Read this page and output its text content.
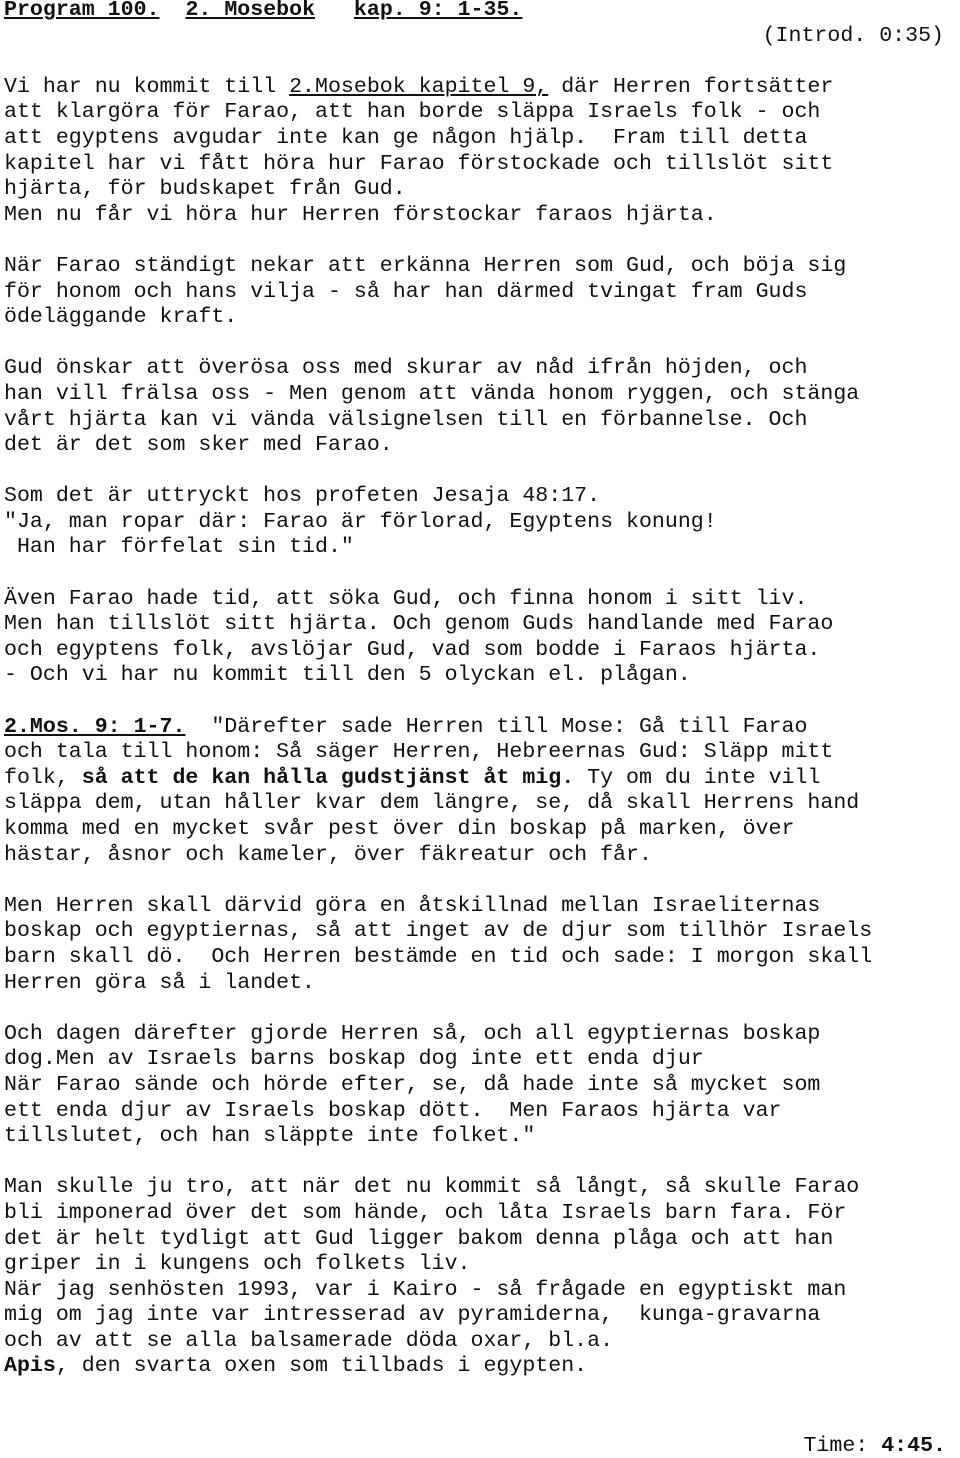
Program 100.
2. Mosebok
kap. 9: 1-35.
(Introd. 0:35)
Vi har nu kommit till 2.Mosebok kapitel 9, där Herren fortsätter
att klargöra för Farao, att han borde släppa Israels folk - och
att egyptens avgudar inte kan ge någon hjälp.  Fram till detta
kapitel har vi fått höra hur Farao förstockade och tillslöt sitt
hjärta, för budskapet från Gud.
Men nu får vi höra hur Herren förstockar faraos hjärta.
När Farao ständigt nekar att erkänna Herren som Gud, och böja sig
för honom och hans vilja - så har han därmed tvingat fram Guds
ödeläggande kraft.
Gud önskar att överösa oss med skurar av nåd ifrån höjden, och
han vill frälsa oss - Men genom att vända honom ryggen, och stänga
vårt hjärta kan vi vända välsignelsen till en förbannelse. Och
det är det som sker med Farao.
Som det är uttryckt hos profeten Jesaja 48:17.
"Ja, man ropar där: Farao är förlorad, Egyptens konung!
Han har förfelat sin tid."
Även Farao hade tid, att söka Gud, och finna honom i sitt liv.
Men han tillslöt sitt hjärta. Och genom Guds handlande med Farao
och egyptens folk, avslöjar Gud, vad som bodde i Faraos hjärta.
- Och vi har nu kommit till den 5 olyckan el. plågan.
2.Mos. 9: 1-7.  "Därefter sade Herren till Mose: Gå till Farao
och tala till honom: Så säger Herren, Hebreernas Gud: Släpp mitt
folk, så att de kan hålla gudstjänst åt mig. Ty om du inte vill
släppa dem, utan håller kvar dem längre, se, då skall Herrens hand
komma med en mycket svår pest över din boskap på marken, över
hästar, åsnor och kameler, över fäkreatur och får.
Men Herren skall därvid göra en åtskillnad mellan Israeliternas
boskap och egyptiernas, så att inget av de djur som tillhör Israels
barn skall dö.  Och Herren bestämde en tid och sade: I morgon skall
Herren göra så i landet.
Och dagen därefter gjorde Herren så, och all egyptiernas boskap
dog.Men av Israels barns boskap dog inte ett enda djur
När Farao sände och hörde efter, se, då hade inte så mycket som
ett enda djur av Israels boskap dött.  Men Faraos hjärta var
tillslutet, och han släppte inte folket."
Man skulle ju tro, att när det nu kommit så långt, så skulle Farao
bli imponerad över det som hände, och låta Israels barn fara. För
det är helt tydligt att Gud ligger bakom denna plåga och att han
griper in i kungens och folkets liv.
När jag senhösten 1993, var i Kairo - så frågade en egyptiskt man
mig om jag inte var intresserad av pyramiderna,  kunga-gravarna
och av att se alla balsamerade döda oxar, bl.a.
Apis, den svarta oxen som tillbads i egypten.
Time: 4:45.
